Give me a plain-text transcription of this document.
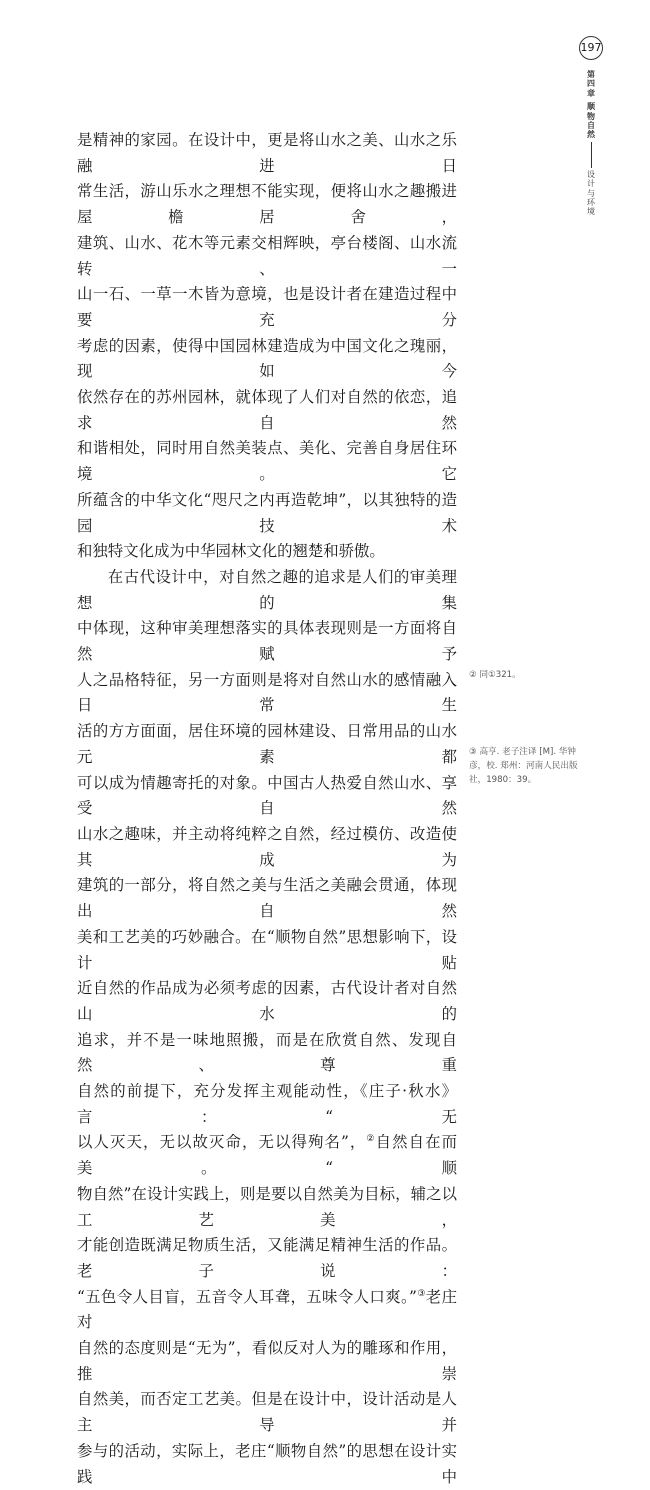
197
第
四
章
顺
物
自
然
设
计
与
环
境

是精神的家园。在设计中，更是将山水之美、山水之乐融进日

常生活，游山乐水之理想不能实现，便将山水之趣搬进屋檐居舍，

建筑、山水、花木等元素交相辉映，亭台楼阁、山水流转、一

山一石、一草一木皆为意境，也是设计者在建造过程中要充分

考虑的因素，使得中国园林建造成为中国文化之瑰丽，现如今

依然存在的苏州园林，就体现了人们对自然的依恋，追求自然

和谐相处，同时用自然美装点、美化、完善自身居住环境。它

所蕴含的中华文化“咫尺之内再造乾坤”，以其独特的造园技术

和独特文化成为中华园林文化的翘楚和骄傲。

在古代设计中，对自然之趣的追求是人们的审美理想的集

中体现，这种审美理想落实的具体表现则是一方面将自然赋予

人之品格特征，另一方面则是将对自然山水的感情融入日常生

活的方方面面，居住环境的园林建设、日常用品的山水元素都

可以成为情趣寄托的对象。中国古人热爱自然山水、享受自然

山水之趣味，并主动将纯粹之自然，经过模仿、改造使其成为

建筑的一部分，将自然之美与生活之美融会贯通，体现出自然

美和工艺美的巧妙融合。在“顺物自然”思想影响下，设计贴

近自然的作品成为必须考虑的因素，古代设计者对自然山水的

追求，并不是一味地照搬，而是在欣赏自然、发现自然、尊重

自然的前提下，充分发挥主观能动性，《庄子·秋水》言：“无

以人灭天，无以故灭命，无以得殉名”，②自然自在而美。“顺

物自然”在设计实践上，则是要以自然美为目标，辅之以工艺美，

才能创造既满足物质生活，又能满足精神生活的作品。老子说：

“五色令人目盲，五音令人耳聋，五味令人口爽。”③老庄对

自然的态度则是“无为”，看似反对人为的雕琢和作用，推崇

自然美，而否定工艺美。但是在设计中，设计活动是人主导并

参与的活动，实际上，老庄“顺物自然”的思想在设计实践中

② 同①321。
③ 高亨. 老子注译 [M]. 华钟彦，校. 郑州：河南人民出版社，1980：39。
